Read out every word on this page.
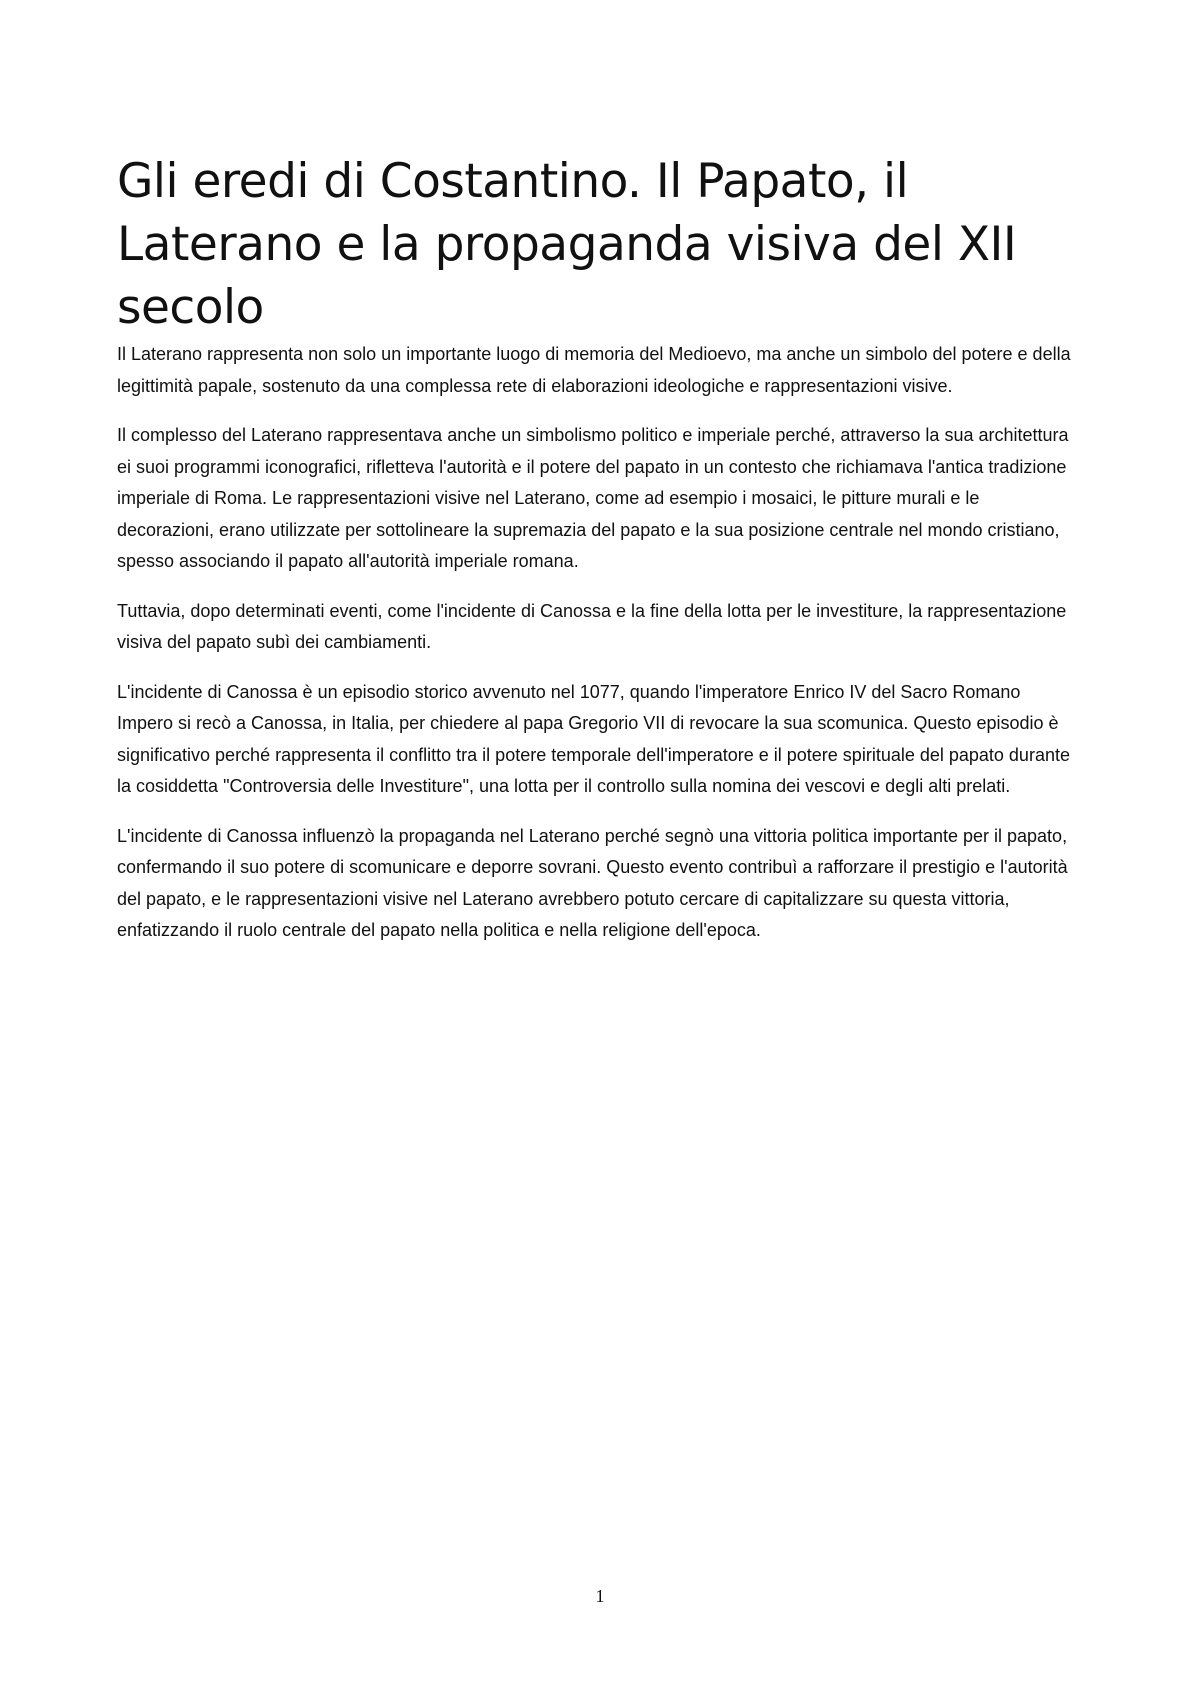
Gli eredi di Costantino. Il Papato, il Laterano e la propaganda visiva del XII secolo

Il Laterano rappresenta non solo un importante luogo di memoria del Medioevo, ma anche un simbolo del potere e della legittimità papale, sostenuto da una complessa rete di elaborazioni ideologiche e rappresentazioni visive.

Il complesso del Laterano rappresentava anche un simbolismo politico e imperiale perché, attraverso la sua architettura ei suoi programmi iconografici, rifletteva l'autorità e il potere del papato in un contesto che richiamava l'antica tradizione imperiale di Roma. Le rappresentazioni visive nel Laterano, come ad esempio i mosaici, le pitture murali e le decorazioni, erano utilizzate per sottolineare la supremazia del papato e la sua posizione centrale nel mondo cristiano, spesso associando il papato all'autorità imperiale romana.

Tuttavia, dopo determinati eventi, come l'incidente di Canossa e la fine della lotta per le investiture, la rappresentazione visiva del papato subì dei cambiamenti.

L'incidente di Canossa è un episodio storico avvenuto nel 1077, quando l'imperatore Enrico IV del Sacro Romano Impero si recò a Canossa, in Italia, per chiedere al papa Gregorio VII di revocare la sua scomunica. Questo episodio è significativo perché rappresenta il conflitto tra il potere temporale dell'imperatore e il potere spirituale del papato durante la cosiddetta "Controversia delle Investiture", una lotta per il controllo sulla nomina dei vescovi e degli alti prelati.

L'incidente di Canossa influenzò la propaganda nel Laterano perché segnò una vittoria politica importante per il papato, confermando il suo potere di scomunicare e deporre sovrani. Questo evento contribuì a rafforzare il prestigio e l'autorità del papato, e le rappresentazioni visive nel Laterano avrebbero potuto cercare di capitalizzare su questa vittoria, enfatizzando il ruolo centrale del papato nella politica e nella religione dell'epoca.

1
